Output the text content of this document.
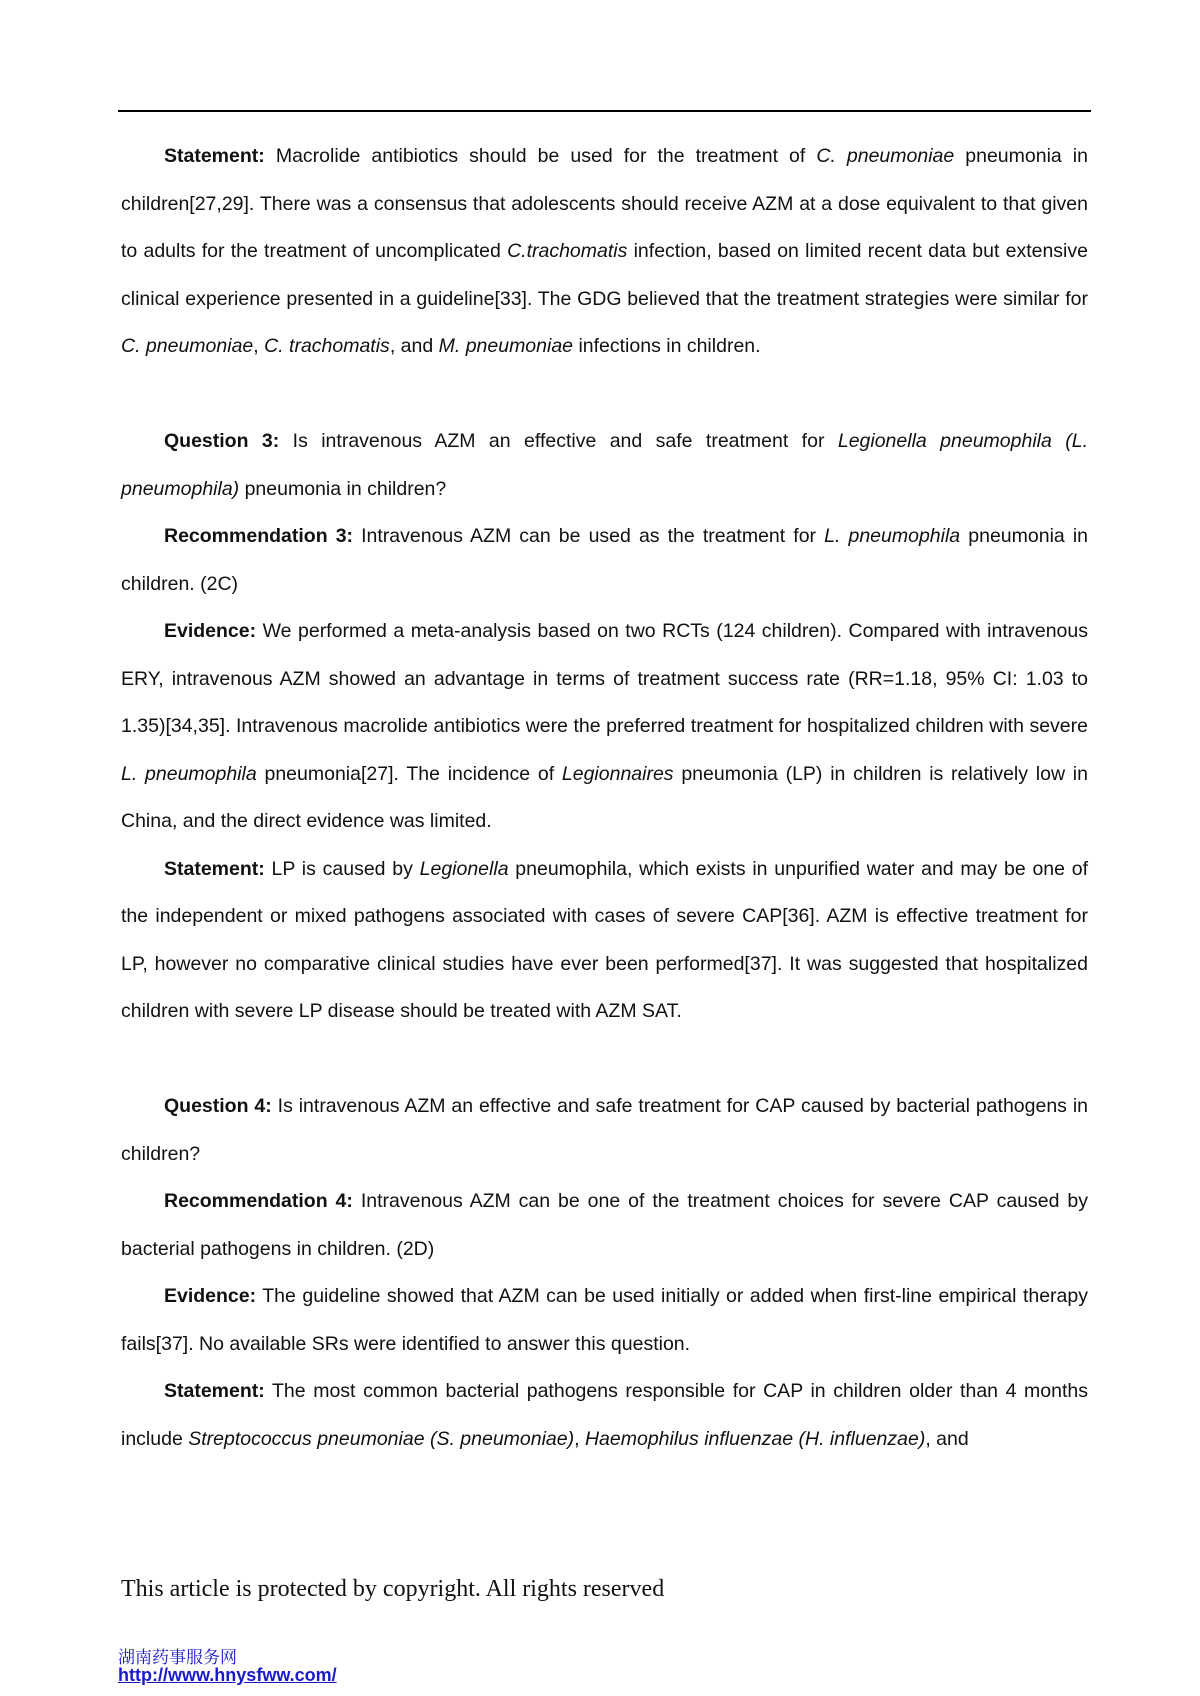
Statement: Macrolide antibiotics should be used for the treatment of C. pneumoniae pneumonia in children[27,29]. There was a consensus that adolescents should receive AZM at a dose equivalent to that given to adults for the treatment of uncomplicated C.trachomatis infection, based on limited recent data but extensive clinical experience presented in a guideline[33]. The GDG believed that the treatment strategies were similar for C. pneumoniae, C. trachomatis, and M. pneumoniae infections in children.

Question 3: Is intravenous AZM an effective and safe treatment for Legionella pneumophila (L. pneumophila) pneumonia in children?

Recommendation 3: Intravenous AZM can be used as the treatment for L. pneumophila pneumonia in children. (2C)

Evidence: We performed a meta-analysis based on two RCTs (124 children). Compared with intravenous ERY, intravenous AZM showed an advantage in terms of treatment success rate (RR=1.18, 95% CI: 1.03 to 1.35)[34,35]. Intravenous macrolide antibiotics were the preferred treatment for hospitalized children with severe L. pneumophila pneumonia[27]. The incidence of Legionnaires pneumonia (LP) in children is relatively low in China, and the direct evidence was limited.

Statement: LP is caused by Legionella pneumophila, which exists in unpurified water and may be one of the independent or mixed pathogens associated with cases of severe CAP[36]. AZM is effective treatment for LP, however no comparative clinical studies have ever been performed[37]. It was suggested that hospitalized children with severe LP disease should be treated with AZM SAT.

Question 4: Is intravenous AZM an effective and safe treatment for CAP caused by bacterial pathogens in children?

Recommendation 4: Intravenous AZM can be one of the treatment choices for severe CAP caused by bacterial pathogens in children. (2D)

Evidence: The guideline showed that AZM can be used initially or added when first-line empirical therapy fails[37]. No available SRs were identified to answer this question.

Statement: The most common bacterial pathogens responsible for CAP in children older than 4 months include Streptococcus pneumoniae (S. pneumoniae), Haemophilus influenzae (H. influenzae), and

This article is protected by copyright. All rights reserved
湖南药事服务网
http://www.hnysfww.com/
